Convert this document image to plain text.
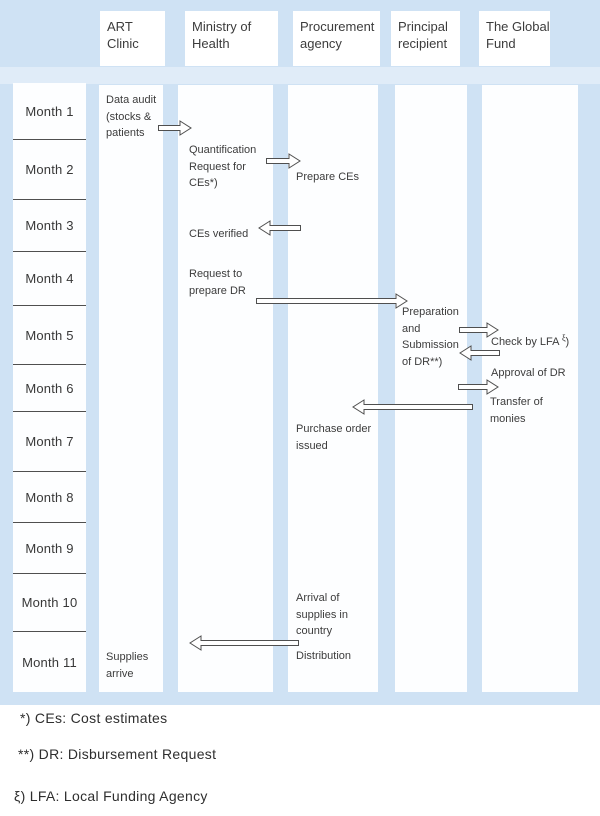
ART
Clinic
Ministry of
Health
Procurement
agency
Principal
recipient
The Global
Fund
Month 1
Month 2
Month 3
Month 4
Month 5
Month 6
Month 7
Month 8
Month 9
Month 10
Month 11
Data audit
(stocks &
patients
Quantification
Request for
CEs*)	Prepare CEs
CEs verified
Request to
prepare DR
Preparation
and
Submission
of DR**)
Check by LFA $^\xi$)
Approval of DR
Transfer of
monies
Purchase order
issued
Arrival of
supplies in
country
Distribution
Supplies
arrive
*) CEs: Cost estimates
**) DR: Disbursement Request
ξ) LFA: Local Funding Agency
